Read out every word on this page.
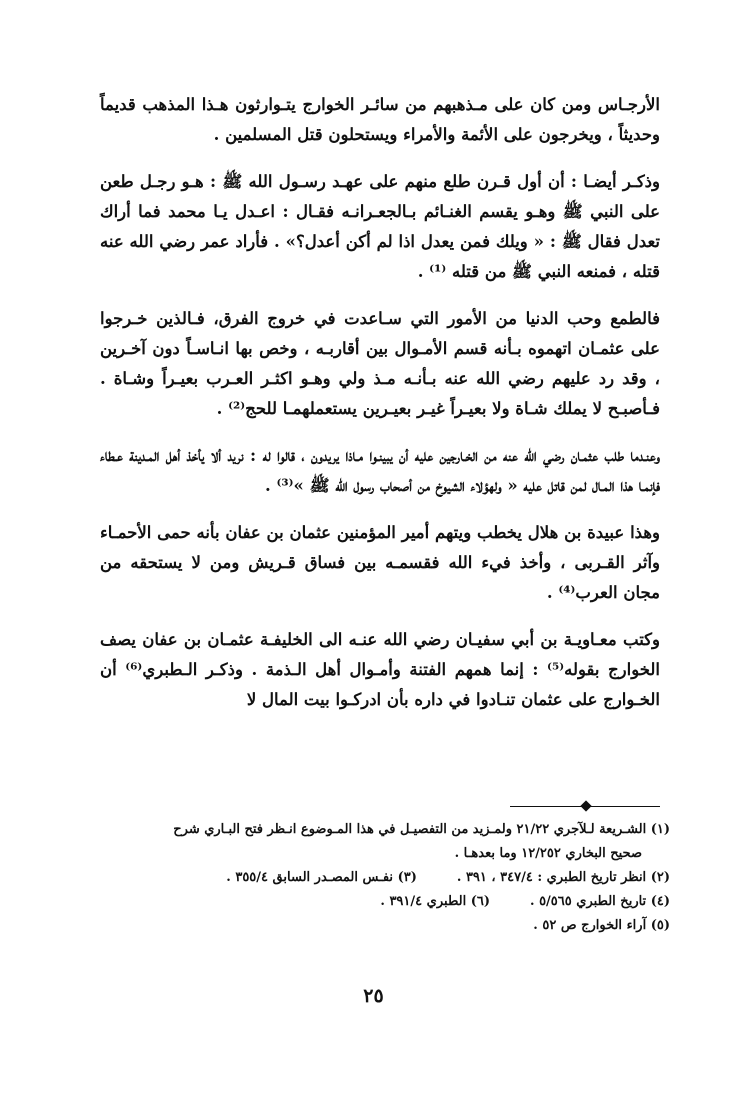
الأرجـاس ومن كان على مـذهبهم من سائـر الخوارج يتـوارثون هـذا المذهب قديماً وحديثاً ، ويخرجون على الأئمة والأمراء ويستحلون قتل المسلمين .

وذكـر أيضـا : أن أول قـرن طلع منهم على عهـد رسـول الله ﷺ : هـو رجـل طعن على النبي ﷺ وهـو يقسم الغنـائم بـالجعـرانـه فقـال : اعـدل يـا محمد فما أراك تعدل فقال ﷺ : « ويلك فمن يعدل اذا لم أكن أعدل؟» . فأراد عمر رضي الله عنه قتله ، فمنعه النبي ﷺ من قتله ⁽¹⁾ .

فالطمع وحب الدنيا من الأمور التي سـاعدت في خروج الفرق، فـالذين خـرجوا على عثمـان اتهموه بـأنه قسم الأمـوال بين أقاربـه ، وخص بها انـاسـاً دون آخـرين ، وقد رد عليهم رضي الله عنه بـأنـه مـذ ولي وهـو اكثـر العـرب بعيـراً وشـاة . فـأصبـح لا يملك شـاة ولا بعيـراً غيـر بعيـرين يستعملهمـا للحج⁽²⁾ .

وعنـدما طلب عثمـان رضي الله عنه من الخـارجين عليه أن يبينـوا مـاذا يريدون ، قالوا له : نريد ألا يأخذ أهل المـدينة عـطاء فإنمـا هذا المـال لمن قاتل عليه « ولهؤلاء الشيوخ من أصحاب رسول الله ﷺ »⁽³⁾ .

وهذا عبيدة بن هلال يخطب ويتهم أمير المؤمنين عثمان بن عفان بأنه حمى الأحمـاء وآثر القـربى ، وأخذ فيء الله فقسمـه بين فساق قـريش ومن لا يستحقه من مجان العرب⁽⁴⁾ .

وكتب معـاويـة بن أبي سفيـان رضي الله عنـه الى الخليفـة عثمـان بن عفان يصف الخوارج بقوله⁽⁵⁾ : إنما همهم الفتنة وأمـوال أهل الـذمة . وذكـر الـطبري⁽⁶⁾ أن الخـوارج على عثمان تنـادوا في داره بأن ادركـوا بيت المال لا

(١) الشـريعة لـلآجري ٢١/٢٢ ولمـزيد من التفصيـل في هذا المـوضوع انـظر فتح البـاري شرح
صحيح البخاري ١٢/٢٥٢ وما بعدهـا .
(٢) انظر تاريخ الطبري : ٣٤٧/٤ ، ٣٩١ .
(٣) نفـس المصـدر السابق ٣٥٥/٤ .
(٤) تاريخ الطبري ٥/٥٦٥ .
(٦) الطبري ٣٩١/٤ .
(٥) آراء الخوارج ص ٥٢ .
٢٥
